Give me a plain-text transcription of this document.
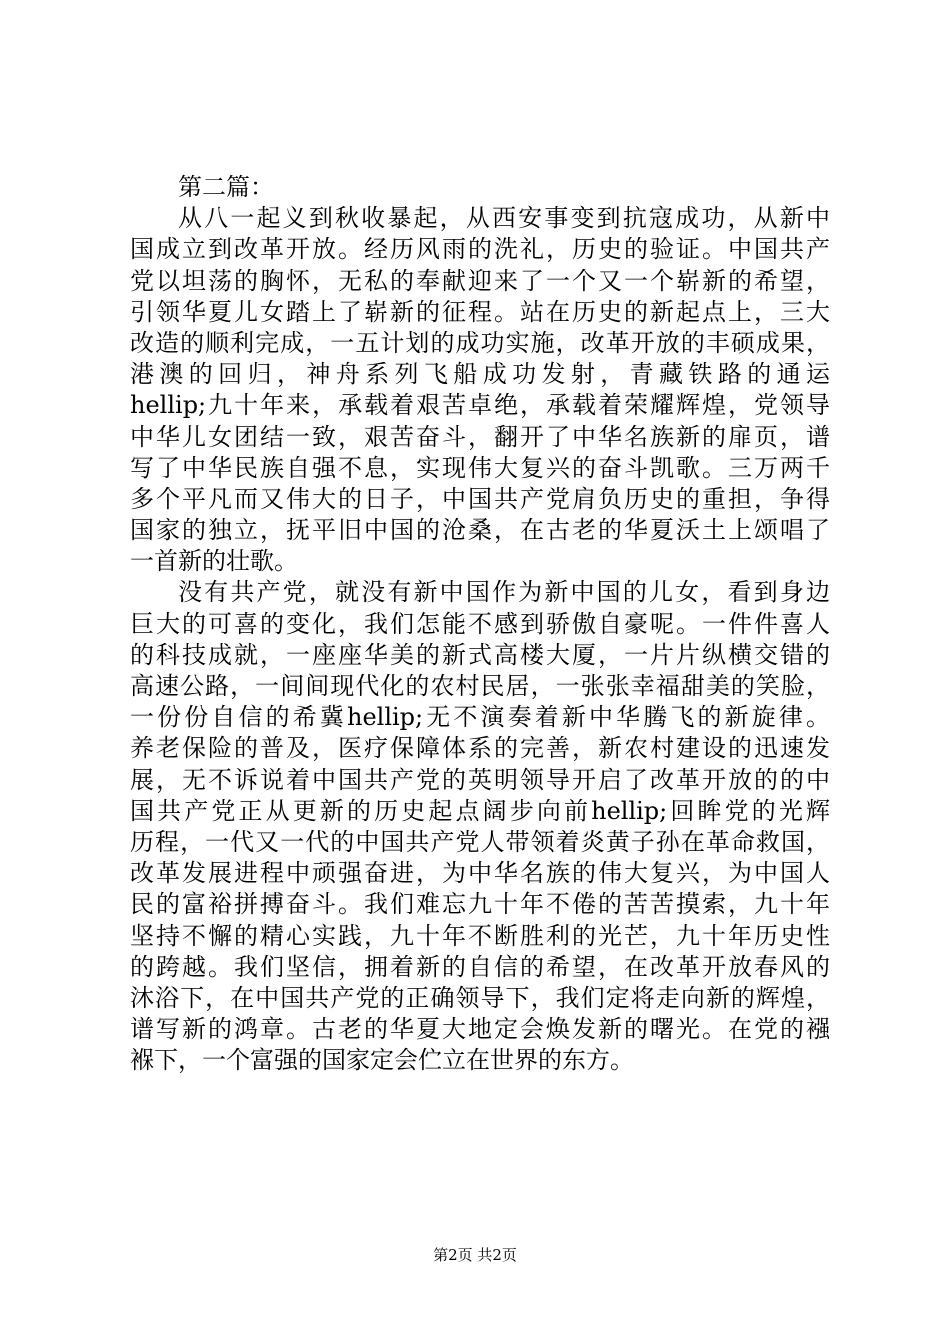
第二篇：
从八一起义到秋收暴起，从西安事变到抗寇成功，从新中
国成立到改革开放。经历风雨的洗礼，历史的验证。中国共产
党以坦荡的胸怀，无私的奉献迎来了一个又一个崭新的希望，
引领华夏儿女踏上了崭新的征程。站在历史的新起点上，三大
改造的顺利完成，一五计划的成功实施，改革开放的丰硕成果，
港澳的回归，神舟系列飞船成功发射，青藏铁路的通运
hellip;九十年来，承载着艰苦卓绝，承载着荣耀辉煌，党领导
中华儿女团结一致，艰苦奋斗，翻开了中华名族新的扉页，谱
写了中华民族自强不息，实现伟大复兴的奋斗凯歌。三万两千
多个平凡而又伟大的日子，中国共产党肩负历史的重担，争得
国家的独立，抚平旧中国的沧桑，在古老的华夏沃土上颂唱了
一首新的壮歌。
没有共产党，就没有新中国作为新中国的儿女，看到身边
巨大的可喜的变化，我们怎能不感到骄傲自豪呢。一件件喜人
的科技成就，一座座华美的新式高楼大厦，一片片纵横交错的
高速公路，一间间现代化的农村民居，一张张幸福甜美的笑脸，
一份份自信的希冀hellip;无不演奏着新中华腾飞的新旋律。
养老保险的普及，医疗保障体系的完善，新农村建设的迅速发
展，无不诉说着中国共产党的英明领导开启了改革开放的的中
国共产党正从更新的历史起点阔步向前hellip;回眸党的光辉
历程，一代又一代的中国共产党人带领着炎黄子孙在革命救国，
改革发展进程中顽强奋进，为中华名族的伟大复兴，为中国人
民的富裕拼搏奋斗。我们难忘九十年不倦的苦苦摸索，九十年
坚持不懈的精心实践，九十年不断胜利的光芒，九十年历史性
的跨越。我们坚信，拥着新的自信的希望，在改革开放春风的
沐浴下，在中国共产党的正确领导下，我们定将走向新的辉煌，
谱写新的鸿章。古老的华夏大地定会焕发新的曙光。在党的襁
褓下，一个富强的国家定会伫立在世界的东方。
第2页 共2页
